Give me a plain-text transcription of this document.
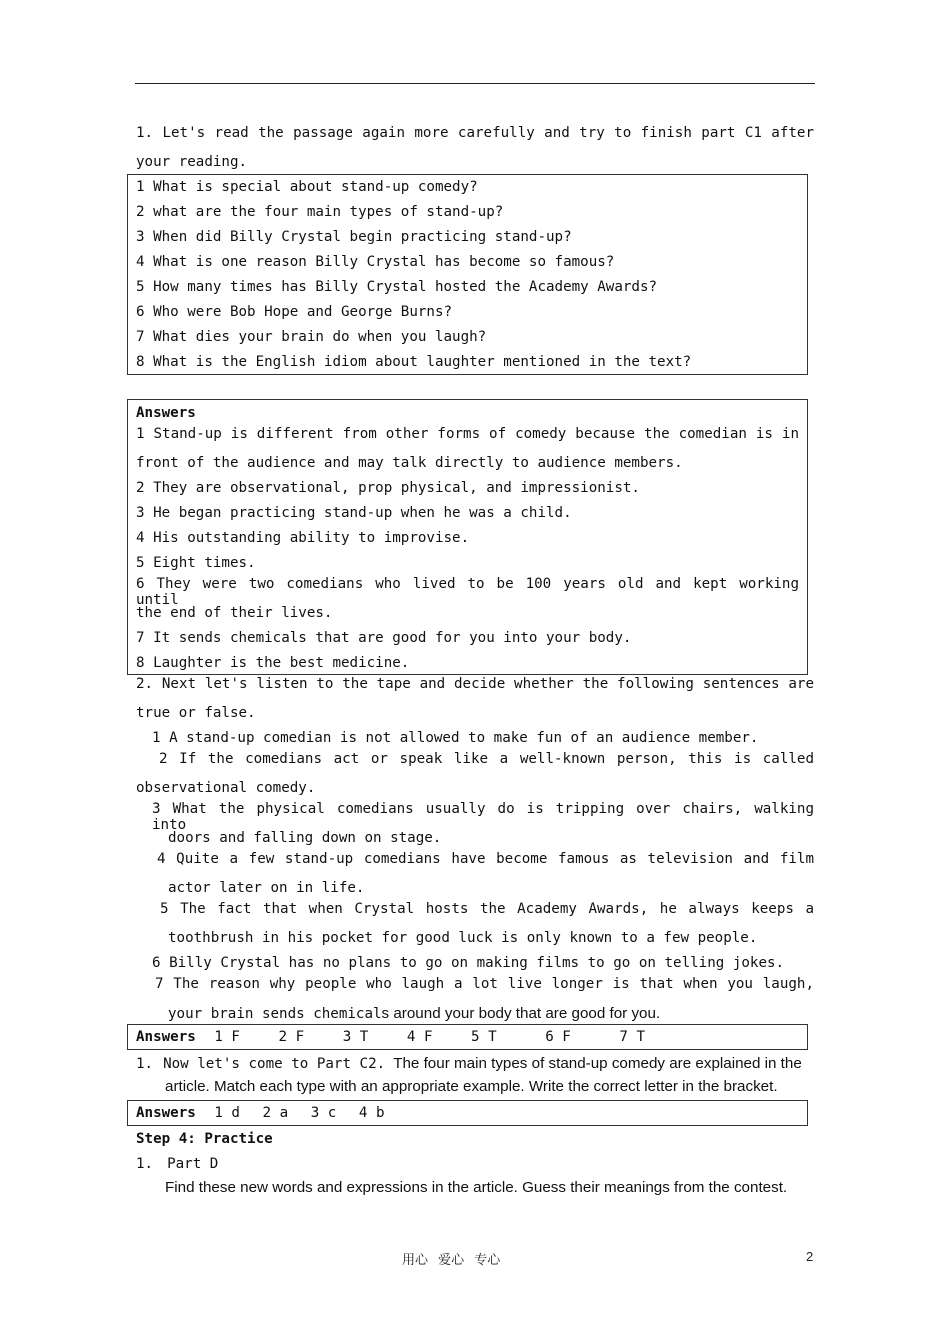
1. Let's read the passage again more carefully and try to finish part C1 after
your reading.
1 What is special about stand-up comedy?
2 what are the four main types of stand-up?
3 When did Billy Crystal begin practicing stand-up?
4 What is one reason Billy Crystal has become so famous?
5 How many times has Billy Crystal hosted the Academy Awards?
6 Who were Bob Hope and George Burns?
7 What dies your brain do when you laugh?
8 What is the English idiom about laughter mentioned in the text?
Answers
1 Stand-up is different from other forms of comedy because the comedian is in
front of the audience and may talk directly to audience members.
2 They are observational, prop physical, and impressionist.
3 He began practicing stand-up when he was a child.
4 His outstanding ability to improvise.
5 Eight times.
6 They were two comedians who lived to be 100 years old and kept working until
the end of their lives.
7 It sends chemicals that are good for you into your body.
8 Laughter is the best medicine.
2. Next let's listen to the tape and decide whether the following sentences are
true or false.
1 A stand-up comedian is not allowed to make fun of an audience member.
2 If the comedians act or speak like a well-known person, this is called
observational comedy.
3 What the physical comedians usually do is tripping over chairs, walking into
doors and falling down on stage.
4 Quite a few stand-up comedians have become famous as television and film
actor later on in life.
5 The fact that when Crystal hosts the Academy Awards, he always keeps a
toothbrush in his pocket for good luck is only known to a few people.
6 Billy Crystal has no plans to go on making films to go on telling jokes.
7 The reason why people who laugh a lot live longer is that when you laugh,
your brain sends chemicals around your body that are good for you.
Answers 1 F	2 F	3 T	4 F	5 T	6 F	7 T
1. Now let's come to Part C2. The four main types of stand-up comedy are explained in the
article. Match each type with an appropriate example. Write the correct letter in the bracket.
Answers 1 d 2 a 3 c 4 b
Step 4: Practice
1. Part D
Find these new words and expressions in the article. Guess their meanings from the contest.
用心 爱心 专心	2
